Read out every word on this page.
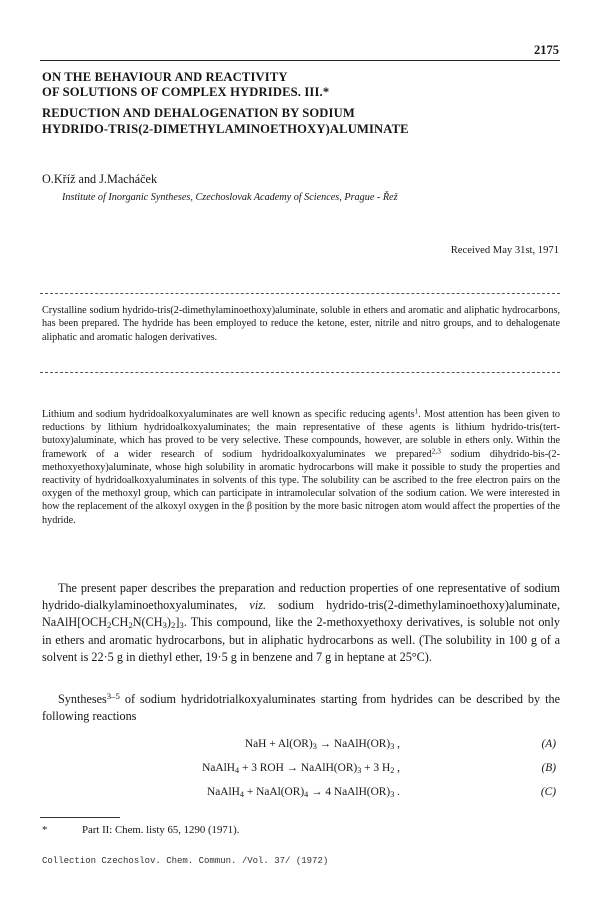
2175
ON THE BEHAVIOUR AND REACTIVITY
OF SOLUTIONS OF COMPLEX HYDRIDES. III.*
REDUCTION AND DEHALOGENATION BY SODIUM
HYDRIDO-TRIS(2-DIMETHYLAMINOETHOXY)ALUMINATE
O.Kříž and J.Macháček
Institute of Inorganic Syntheses, Czechoslovak Academy of Sciences, Prague - Řež
Received May 31st, 1971
Crystalline sodium hydrido-tris(2-dimethylaminoethoxy)aluminate, soluble in ethers and aromatic and aliphatic hydrocarbons, has been prepared. The hydride has been employed to reduce the ketone, ester, nitrile and nitro groups, and to dehalogenate aliphatic and aromatic halogen derivatives.
Lithium and sodium hydridoalkoxyaluminates are well known as specific reducing agents$^1$. Most attention has been given to reductions by lithium hydridoalkoxyaluminates; the main representative of these agents is lithium hydrido-tris(tert-butoxy)aluminate, which has proved to be very selective. These compounds, however, are soluble in ethers only. Within the framework of a wider research of sodium hydridoalkoxyaluminates we prepared$^{2,3}$ sodium dihydrido-bis-(2-methoxyethoxy)aluminate, whose high solubility in aromatic hydrocarbons will make it possible to study the properties and reactivity of hydridoalkoxyaluminates in solvents of this type. The solubility can be ascribed to the free electron pairs on the oxygen of the methoxyl group, which can participate in intramolecular solvation of the sodium cation. We were interested in how the replacement of the alkoxyl oxygen in the β position by the more basic nitrogen atom would affect the properties of the hydride.
The present paper describes the preparation and reduction properties of one representative of sodium hydrido-dialkylaminoethoxyaluminates, viz. sodium hydrido-tris(2-dimethylaminoethoxy)aluminate, $NaAlH[OCH_2CH_2N(CH_3)_2]_3$. This compound, like the 2-methoxyethoxy derivatives, is soluble not only in ethers and aromatic hydrocarbons, but in aliphatic hydrocarbons as well. (The solubility in 100 g of a solvent is 22·5 g in diethyl ether, 19·5 g in benzene and 7 g in heptane at 25°C).
Syntheses$^{3-5}$ of sodium hydridotrialkoxyaluminates starting from hydrides can be described by the following reactions
NaH + $Al(OR)_3$ → $NaAlH(OR)_3$ ,	(A)
NaAlH$_4$ + 3 ROH → $NaAlH(OR)_3 + 3$ $H_2$ ,	(B)
NaAlH$_4$ + $NaAl(OR)_4 \to 4$ $NaAlH(OR)_3$ .	(C)
*	Part II: Chem. listy 65, 1290 (1971).
Collection Czechoslov. Chem. Commun. /Vol. 37/ (1972)
